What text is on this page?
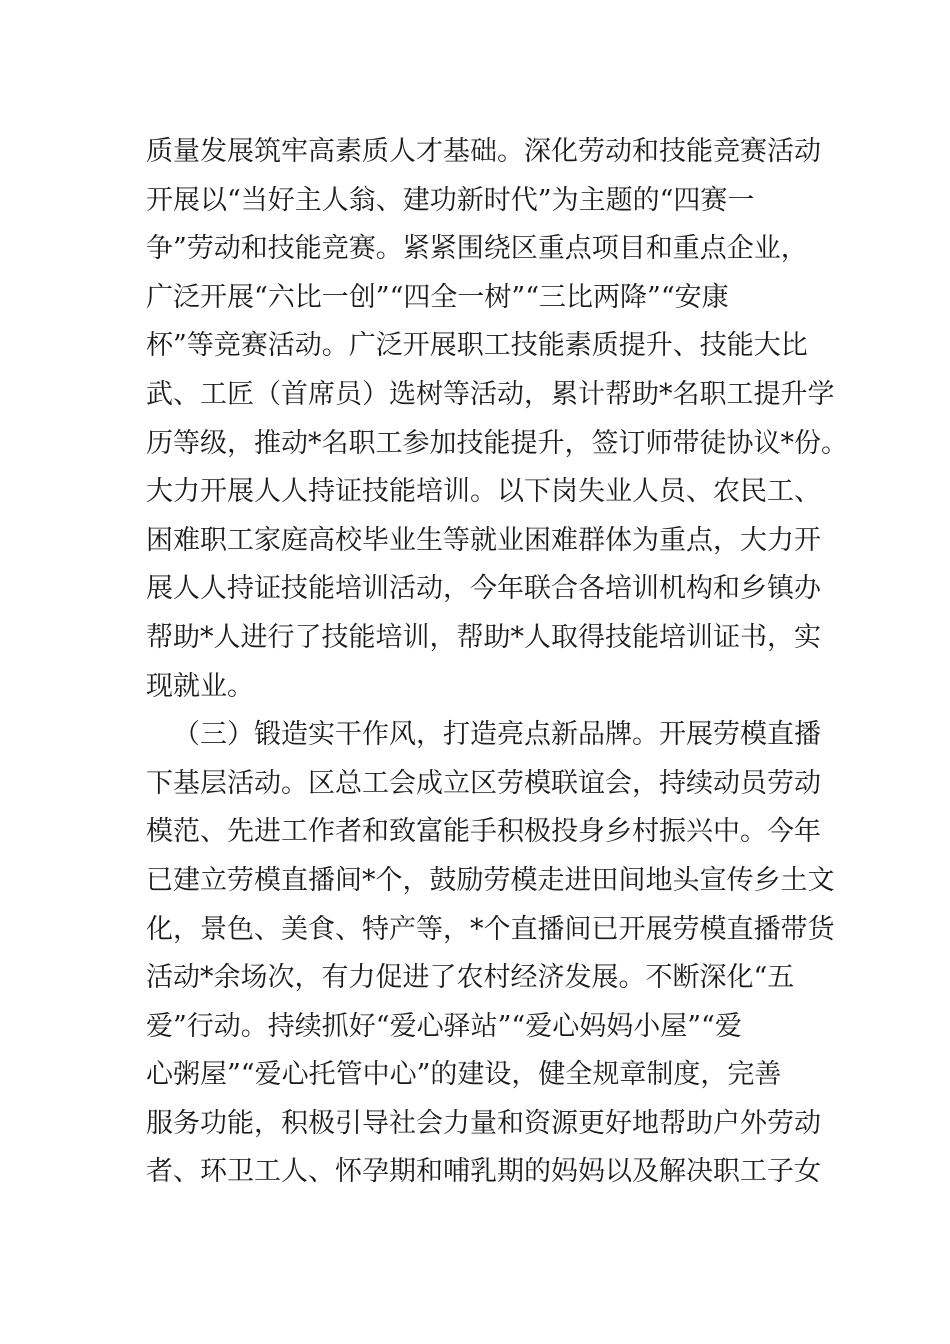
质量发展筑牢高素质人才基础。深化劳动和技能竞赛活动
开展以“当好主人翁、建功新时代”为主题的“四赛一
争”劳动和技能竞赛。紧紧围绕区重点项目和重点企业，
广泛开展“六比一创”“四全一树”“三比两降”“安康
杯”等竞赛活动。广泛开展职工技能素质提升、技能大比
武、工匠（首席员）选树等活动，累计帮助*名职工提升学
历等级，推动*名职工参加技能提升，签订师带徒协议*份。
大力开展人人持证技能培训。以下岗失业人员、农民工、
困难职工家庭高校毕业生等就业困难群体为重点，大力开
展人人持证技能培训活动，今年联合各培训机构和乡镇办
帮助*人进行了技能培训，帮助*人取得技能培训证书，实
现就业。
（三）锻造实干作风，打造亮点新品牌。开展劳模直播
下基层活动。区总工会成立区劳模联谊会，持续动员劳动
模范、先进工作者和致富能手积极投身乡村振兴中。今年
已建立劳模直播间*个，鼓励劳模走进田间地头宣传乡土文
化，景色、美食、特产等，*个直播间已开展劳模直播带货
活动*余场次，有力促进了农村经济发展。不断深化“五
爱”行动。持续抓好“爱心驿站”“爱心妈妈小屋”“爱
心粥屋”“爱心托管中心”的建设，健全规章制度，完善
服务功能，积极引导社会力量和资源更好地帮助户外劳动
者、环卫工人、怀孕期和哺乳期的妈妈以及解决职工子女
